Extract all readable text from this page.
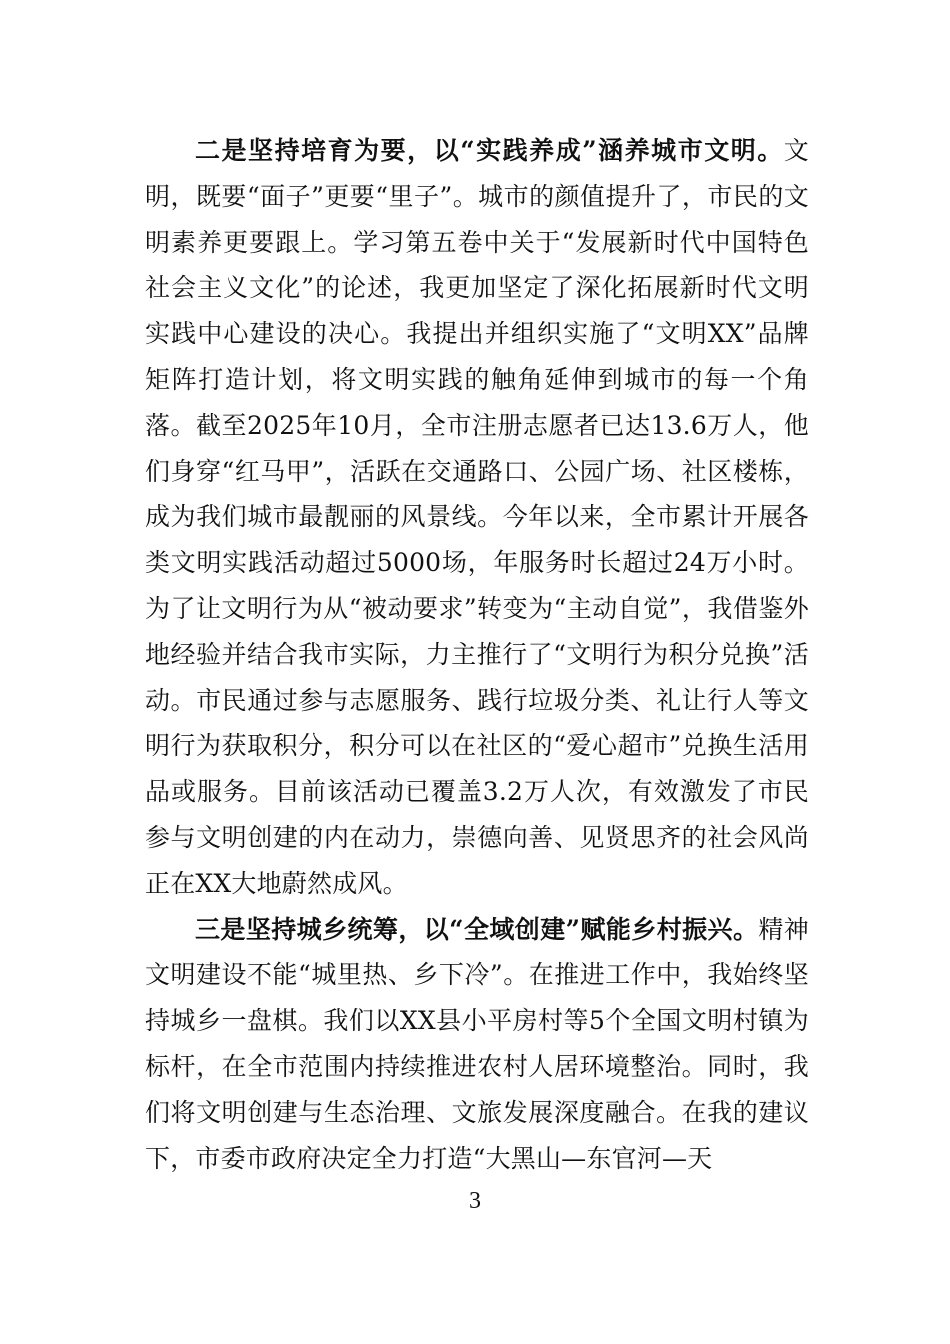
二是坚持培育为要，以“实践养成”涵养城市文明。文明，既要“面子”更要“里子”。城市的颜值提升了，市民的文明素养更要跟上。学习第五卷中关于“发展新时代中国特色社会主义文化”的论述，我更加坚定了深化拓展新时代文明实践中心建设的决心。我提出并组织实施了“文明XX”品牌矩阵打造计划，将文明实践的触角延伸到城市的每一个角落。截至2025年10月，全市注册志愿者已达13.6万人，他们身穿“红马甲”，活跃在交通路口、公园广场、社区楼栋，成为我们城市最靓丽的风景线。今年以来，全市累计开展各类文明实践活动超过5000场，年服务时长超过24万小时。为了让文明行为从“被动要求”转变为“主动自觉”，我借鉴外地经验并结合我市实际，力主推行了“文明行为积分兑换”活动。市民通过参与志愿服务、践行垃圾分类、礼让行人等文明行为获取积分，积分可以在社区的“爱心超市”兑换生活用品或服务。目前该活动已覆盖3.2万人次，有效激发了市民参与文明创建的内在动力，崇德向善、见贤思齐的社会风尚正在XX大地蔚然成风。

三是坚持城乡统筹，以“全域创建”赋能乡村振兴。精神文明建设不能“城里热、乡下冷”。在推进工作中，我始终坚持城乡一盘棋。我们以XX县小平房村等5个全国文明村镇为标杆，在全市范围内持续推进农村人居环境整治。同时，我们将文明创建与生态治理、文旅发展深度融合。在我的建议下，市委市政府决定全力打造“大黑山—东官河—天

3
